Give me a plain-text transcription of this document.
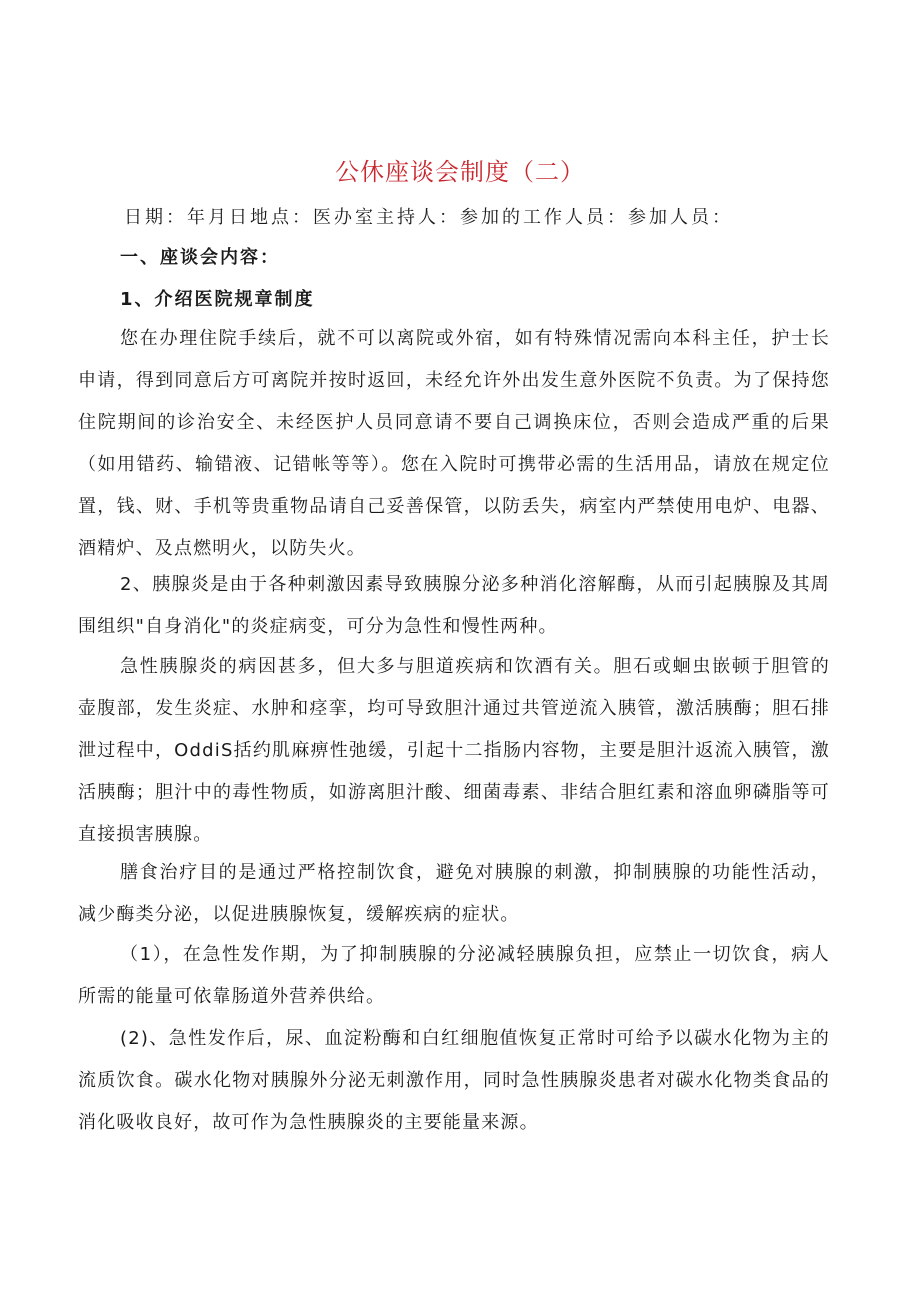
公休座谈会制度（二）
日期：年月日地点：医办室主持人：参加的工作人员：参加人员：
一、座谈会内容：
1、介绍医院规章制度

您在办理住院手续后，就不可以离院或外宿，如有特殊情况需向本科主任，护士长申请，得到同意后方可离院并按时返回，未经允许外出发生意外医院不负责。为了保持您住院期间的诊治安全、未经医护人员同意请不要自己调换床位，否则会造成严重的后果（如用错药、输错液、记错帐等等）。您在入院时可携带必需的生活用品，请放在规定位置，钱、财、手机等贵重物品请自己妥善保管，以防丢失，病室内严禁使用电炉、电器、酒精炉、及点燃明火，以防失火。

2、胰腺炎是由于各种刺激因素导致胰腺分泌多种消化溶解酶，从而引起胰腺及其周围组织"自身消化"的炎症病变，可分为急性和慢性两种。

急性胰腺炎的病因甚多，但大多与胆道疾病和饮酒有关。胆石或蛔虫嵌顿于胆管的壶腹部，发生炎症、水肿和痉挛，均可导致胆汁通过共管逆流入胰管，激活胰酶；胆石排泄过程中，OddiS括约肌麻痹性弛缓，引起十二指肠内容物，主要是胆汁返流入胰管，激活胰酶；胆汁中的毒性物质，如游离胆汁酸、细菌毒素、非结合胆红素和溶血卵磷脂等可直接损害胰腺。

膳食治疗目的是通过严格控制饮食，避免对胰腺的刺激，抑制胰腺的功能性活动，减少酶类分泌，以促进胰腺恢复，缓解疾病的症状。

（1），在急性发作期，为了抑制胰腺的分泌减轻胰腺负担，应禁止一切饮食，病人所需的能量可依靠肠道外营养供给。

(2)、急性发作后，尿、血淀粉酶和白红细胞值恢复正常时可给予以碳水化物为主的流质饮食。碳水化物对胰腺外分泌无刺激作用，同时急性胰腺炎患者对碳水化物类食品的消化吸收良好，故可作为急性胰腺炎的主要能量来源。
